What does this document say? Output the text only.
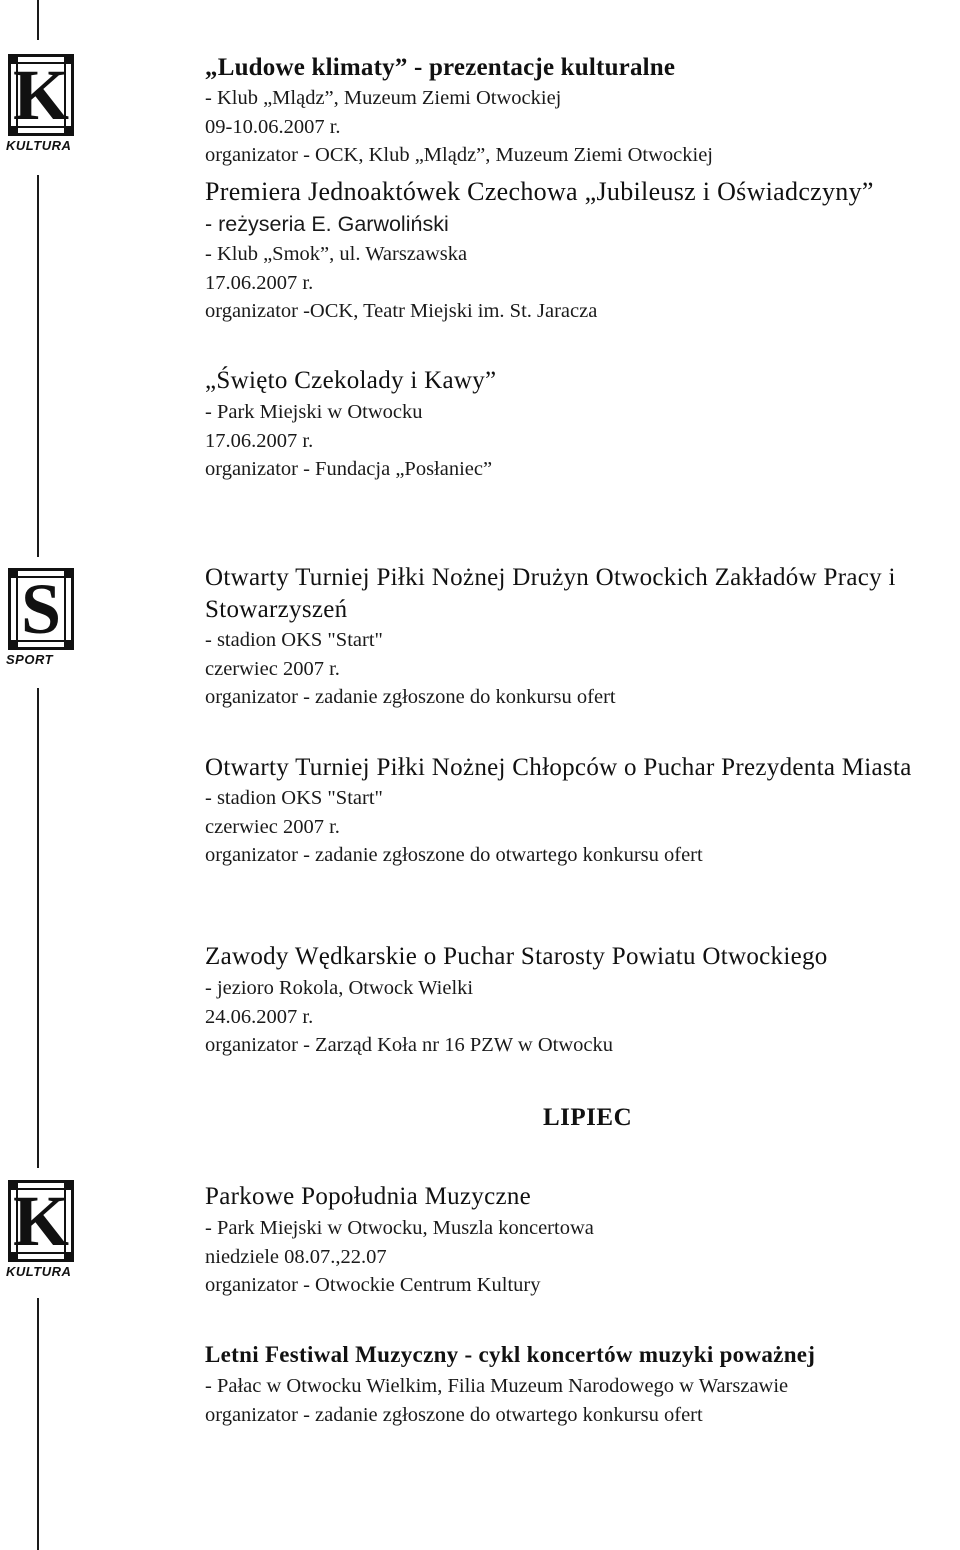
K
KULTURA
S
SPORT
K
KULTURA
„Ludowe klimaty” - prezentacje kulturalne
- Klub „Mlądz”, Muzeum Ziemi Otwockiej
09-10.06.2007 r.
organizator - OCK, Klub „Mlądz”, Muzeum Ziemi Otwockiej
Premiera Jednoaktówek Czechowa „Jubileusz i Oświadczyny”
- reżyseria E. Garwoliński
- Klub „Smok”, ul. Warszawska
17.06.2007 r.
organizator -OCK, Teatr Miejski im. St. Jaracza
„Święto Czekolady i Kawy”
- Park Miejski w Otwocku
17.06.2007 r.
organizator - Fundacja „Posłaniec”
Otwarty Turniej Piłki Nożnej Drużyn Otwockich Zakładów Pracy i Stowarzyszeń
- stadion OKS "Start"
czerwiec 2007 r.
organizator - zadanie zgłoszone do konkursu ofert
Otwarty Turniej Piłki Nożnej Chłopców o Puchar Prezydenta Miasta
- stadion OKS "Start"
czerwiec 2007 r.
organizator - zadanie zgłoszone do otwartego konkursu ofert
Zawody Wędkarskie o Puchar Starosty Powiatu Otwockiego
- jezioro Rokola, Otwock Wielki
24.06.2007 r.
organizator - Zarząd Koła nr 16 PZW w Otwocku
LIPIEC
Parkowe Popołudnia Muzyczne
- Park Miejski w Otwocku, Muszla koncertowa
niedziele 08.07.,22.07
organizator - Otwockie Centrum Kultury
Letni Festiwal Muzyczny - cykl koncertów muzyki poważnej
- Pałac w Otwocku Wielkim, Filia Muzeum Narodowego w Warszawie
organizator - zadanie zgłoszone do otwartego konkursu ofert
